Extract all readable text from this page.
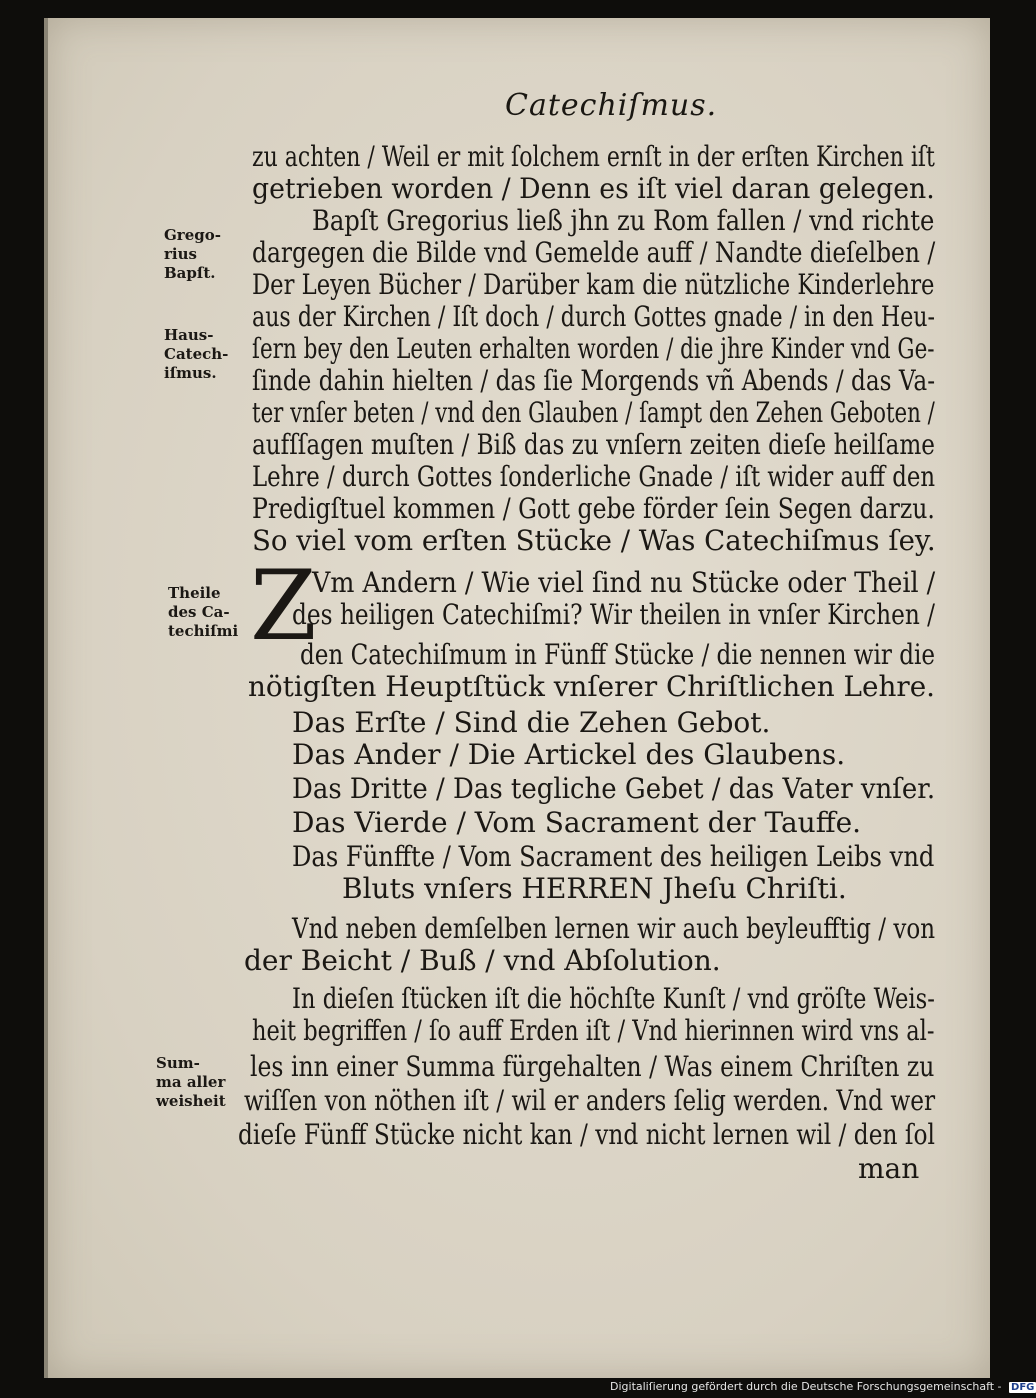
Catechiſmus.
zu achten / Weil er mit ſolchem ernſt in der erſten Kirchen iſt
getrieben worden / Denn es iſt viel daran gelegen.
Bapſt Gregorius ließ jhn zu Rom fallen / vnd richte
dargegen die Bilde vnd Gemelde auff / Nandte dieſelben /
Der Leyen Bücher / Darüber kam die nützliche Kinderlehre
aus der Kirchen / Iſt doch / durch Gottes gnade / in den Heu-
ſern bey den Leuten erhalten worden / die jhre Kinder vnd Ge-
ſinde dahin hielten / das ſie Morgends vñ Abends / das Va-
ter vnſer beten / vnd den Glauben / ſampt den Zehen Geboten /
aufſſagen muſten / Biß das zu vnſern zeiten dieſe heilſame
Lehre / durch Gottes ſonderliche Gnade / iſt wider auff den
Predigſtuel kommen / Gott gebe förder ſein Segen darzu.
So viel vom erſten Stücke / Was Catechiſmus ſey.
Z
Vm Andern / Wie viel ſind nu Stücke oder Theil /
des heiligen Catechiſmi? Wir theilen in vnſer Kirchen /
den Catechiſmum in Fünff Stücke / die nennen wir die
nötigſten Heuptſtück vnſerer Chriſtlichen Lehre.
Das Erſte / Sind die Zehen Gebot.
Das Ander / Die Artickel des Glaubens.
Das Dritte / Das tegliche Gebet / das Vater vnſer.
Das Vierde / Vom Sacrament der Tauffe.
Das Fünffte / Vom Sacrament des heiligen Leibs vnd
Bluts vnſers HERREN Jheſu Chriſti.
Vnd neben demſelben lernen wir auch beyleufftig / von
der Beicht / Buß / vnd Abſolution.
In dieſen ſtücken iſt die höchſte Kunſt / vnd gröſte Weis-
heit begriffen / ſo auff Erden iſt / Vnd hierinnen wird vns al-
les inn einer Summa fürgehalten / Was einem Chriſten zu
wiſſen von nöthen iſt / wil er anders ſelig werden. Vnd wer
dieſe Fünff Stücke nicht kan / vnd nicht lernen wil / den ſol
man
Grego-
rius
Bapſt.
Haus-
Catech-
iſmus.
Theile
des Ca-
techiſmi
Sum-
ma aller
weisheit
Digitaliſierung gefördert durch die Deutsche Forschungsgemeinschaft - DFG
